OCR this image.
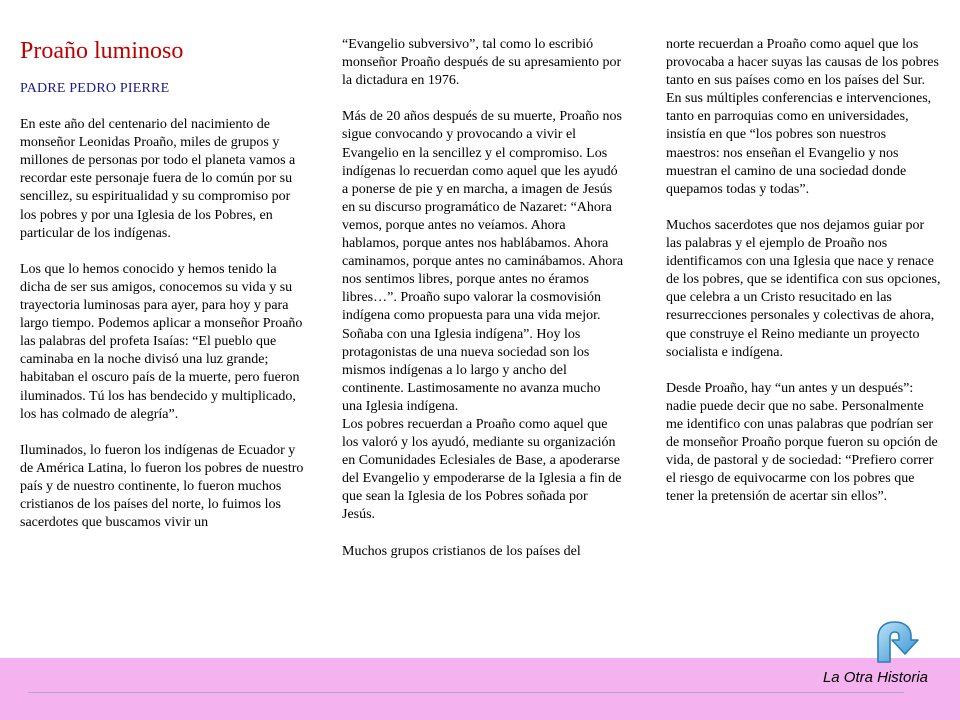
Proaño luminoso
PADRE PEDRO PIERRE

En este año del centenario del nacimiento de monseñor Leonidas Proaño, miles de grupos y millones de personas por todo el planeta vamos a recordar este personaje fuera de lo común por su sencillez, su espiritualidad y su compromiso por los pobres y por una Iglesia de los Pobres, en particular de los indígenas.

Los que lo hemos conocido y hemos tenido la dicha de ser sus amigos, conocemos su vida y su trayectoria luminosas para ayer, para hoy y para largo tiempo. Podemos aplicar a monseñor Proaño las palabras del profeta Isaías: “El pueblo que caminaba en la noche divisó una luz grande; habitaban el oscuro país de la muerte, pero fueron iluminados. Tú los has bendecido y multiplicado, los has colmado de alegría”.

Iluminados, lo fueron los indígenas de Ecuador y de América Latina, lo fueron los pobres de nuestro país y de nuestro continente, lo fueron muchos cristianos de los países del norte, lo fuimos los sacerdotes que buscamos vivir un

“Evangelio subversivo”, tal como lo escribió monseñor Proaño después de su apresamiento por la dictadura en 1976.

Más de 20 años después de su muerte, Proaño nos sigue convocando y provocando a vivir el Evangelio en la sencillez y el compromiso. Los indígenas lo recuerdan como aquel que les ayudó a ponerse de pie y en marcha, a imagen de Jesús en su discurso programático de Nazaret: “Ahora vemos, porque antes no veíamos. Ahora hablamos, porque antes nos hablábamos. Ahora caminamos, porque antes no caminábamos. Ahora nos sentimos libres, porque antes no éramos libres…”. Proaño supo valorar la cosmovisión indígena como propuesta para una vida mejor. Soñaba con una Iglesia indígena”. Hoy los protagonistas de una nueva sociedad son los mismos indígenas a lo largo y ancho del continente. Lastimosamente no avanza mucho una Iglesia indígena.

Los pobres recuerdan a Proaño como aquel que los valoró y los ayudó, mediante su organización en Comunidades Eclesiales de Base, a apoderarse del Evangelio y empoderarse de la Iglesia a fin de que sean la Iglesia de los Pobres soñada por Jesús.

Muchos grupos cristianos de los países del

norte recuerdan a Proaño como aquel que los provocaba a hacer suyas las causas de los pobres tanto en sus países como en los países del Sur. En sus múltiples conferencias e intervenciones, tanto en parroquias como en universidades, insistía en que “los pobres son nuestros maestros: nos enseñan el Evangelio y nos muestran el camino de una sociedad donde quepamos todas y todas”.

Muchos sacerdotes que nos dejamos guiar por las palabras y el ejemplo de Proaño nos identificamos con una Iglesia que nace y renace de los pobres, que se identifica con sus opciones, que celebra a un Cristo resucitado en las resurrecciones personales y colectivas de ahora, que construye el Reino mediante un proyecto socialista e indígena.

Desde Proaño, hay “un antes y un después”: nadie puede decir que no sabe. Personalmente me identifico con unas palabras que podrían ser de monseñor Proaño porque fueron su opción de vida, de pastoral y de sociedad: “Prefiero correr el riesgo de equivocarme con los pobres que tener la pretensión de acertar sin ellos”.

La Otra Historia
